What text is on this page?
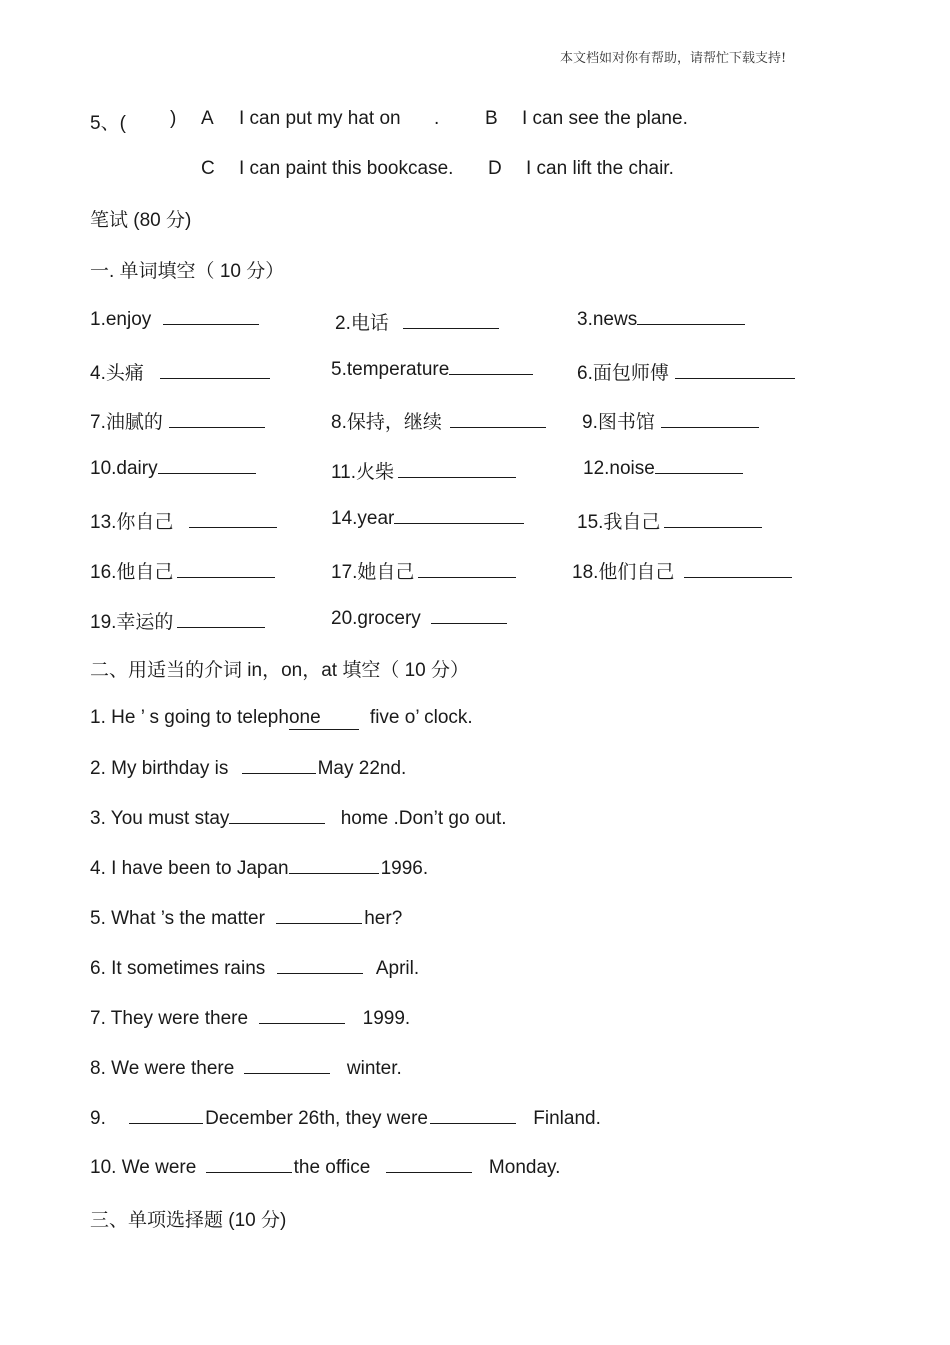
本文档如对你有帮助，请帮忙下载支持!
5、( ) A I can put my hat on . B I can see the plane.
C I can paint this bookcase. D I can lift the chair.
笔试 (80 分)
一. 单词填空（ 10 分）
1.enjoy	2.电话	3.news
4.头痛	5.temperature	6.面包师傅
7.油腻的	8.保持，继续	9.图书馆
10.dairy	11.火柴	12.noise
13.你自己	14.year	15.我自己
16.他自己	17.她自己	18.他们自己
19.幸运的	20.grocery
二、用适当的介词 in，on，at 填空（ 10 分）
1. He ’ s going to telephone	five o’ clock.
2. My birthday is	May 22nd.
3. You must stay	home .Don’t go out.
4. I have been to Japan	1996.
5. What ’s the matter	her?
6. It sometimes rains	April.
7. They were there	1999.
8. We were there	winter.
9.	December 26th, they were	Finland.
10. We were	the office	Monday.
三、单项选择题 (10 分)
